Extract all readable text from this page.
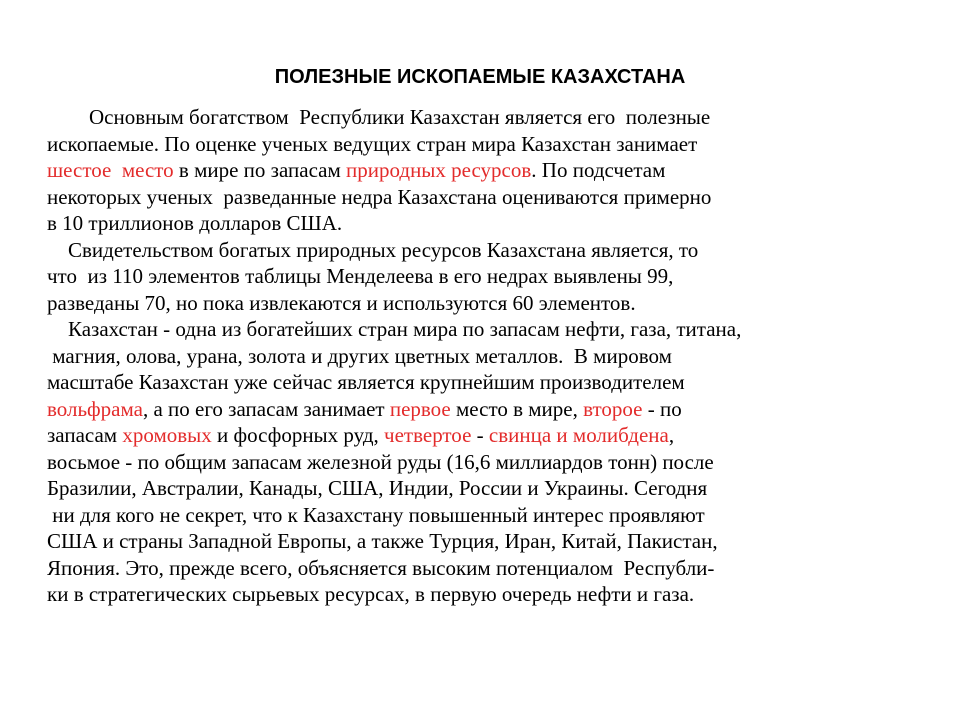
ПОЛЕЗНЫЕ ИСКОПАЕМЫЕ КАЗАХСТАНА
Основным богатством  Республики Казахстан является его  полезные
ископаемые. По оценке ученых ведущих стран мира Казахстан занимает
шестое  место в мире по запасам природных ресурсов. По подсчетам
некоторых ученых  разведанные недра Казахстана оцениваются примерно
в 10 триллионов долларов США.
Свидетельством богатых природных ресурсов Казахстана является, то
что  из 110 элементов таблицы Менделеева в его недрах выявлены 99,
разведаны 70, но пока извлекаются и используются 60 элементов.
Казахстан - одна из богатейших стран мира по запасам нефти, газа, титана,
магния, олова, урана, золота и других цветных металлов.  В мировом
масштабе Казахстан уже сейчас является крупнейшим производителем
вольфрама, а по его запасам занимает первое место в мире, второе - по
запасам хромовых и фосфорных руд, четвертое - свинца и молибдена,
восьмое - по общим запасам железной руды (16,6 миллиардов тонн) после
Бразилии, Австралии, Канады, США, Индии, России и Украины. Сегодня
ни для кого не секрет, что к Казахстану повышенный интерес проявляют
США и страны Западной Европы, а также Турция, Иран, Китай, Пакистан,
Япония. Это, прежде всего, объясняется высоким потенциалом  Республи-
ки в стратегических сырьевых ресурсах, в первую очередь нефти и газа.
